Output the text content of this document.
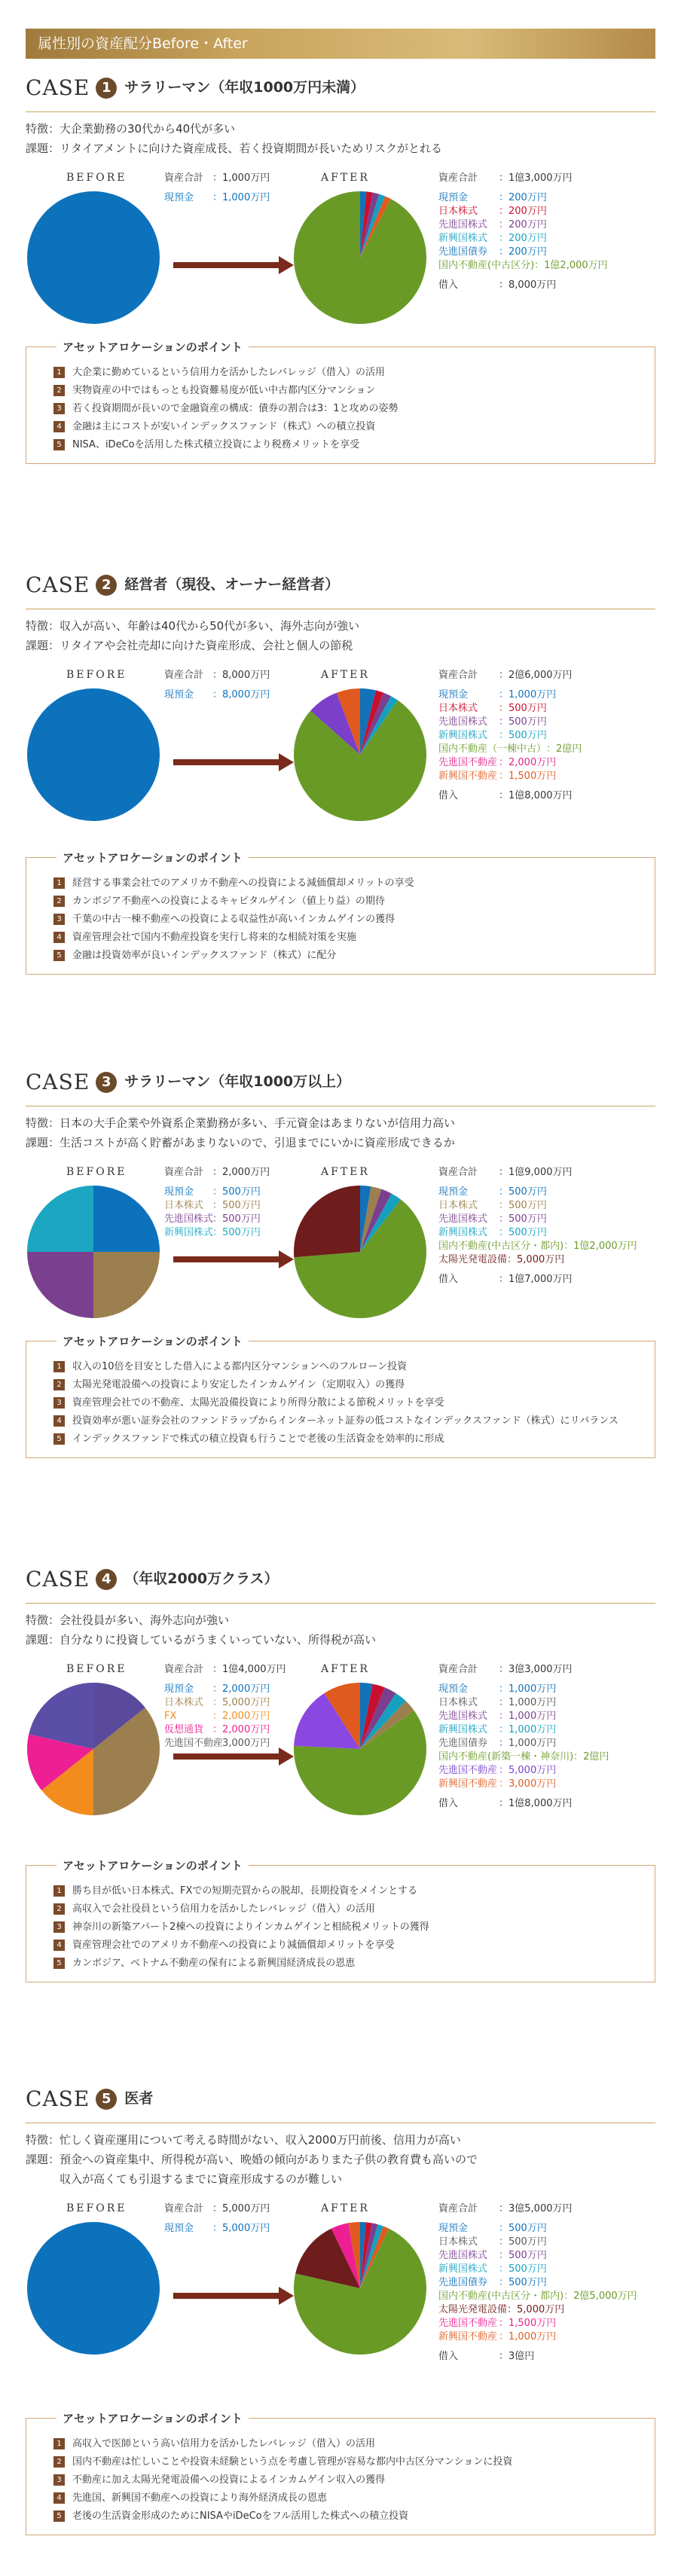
属性別の資産配分Before・After
CASE 1 サラリーマン（年収1000万円未満）
特徴：大企業勤務の30代から40代が多い
課題：リタイアメントに向けた資産成長、若く投資期間が長いためリスクがとれる
BEFORE	AFTER
資産合計 ：1,000万円
現預金	：1,000万円
資産合計	：1億3,000万円
現預金	：200万円
日本株式	：200万円
先進国株式	：200万円
新興国株式	：200万円
先進国債券	：200万円
国内不動産(中古区分) ：1億2,000万円
借入	：8,000万円
アセットアロケーションのポイント
1 大企業に勤めているという信用力を活かしたレバレッジ（借入）の活用
2 実物資産の中ではもっとも投資難易度が低い中古都内区分マンション
3 若く投資期間が長いので金融資産の構成：債券の割合は3：1と攻めの姿勢
4 金融は主にコストが安いインデックスファンド（株式）への積立投資
5 NISA、iDeCoを活用した株式積立投資により税務メリットを享受
CASE 2 経営者（現役、オーナー経営者）
特徴：収入が高い、年齢は40代から50代が多い、海外志向が強い
課題：リタイアや会社売却に向けた資産形成、会社と個人の節税
BEFORE	AFTER
資産合計 ：8,000万円
現預金	：8,000万円
資産合計	：2億6,000万円
現預金	：1,000万円
日本株式	：500万円
先進国株式	：500万円
新興国株式	：500万円
国内不動産（一棟中古） ：2億円
先進国不動産 ：2,000万円
新興国不動産 ：1,500万円
借入	：1億8,000万円
アセットアロケーションのポイント
1 経営する事業会社でのアメリカ不動産への投資による減価償却メリットの享受
2 カンボジア不動産への投資によるキャピタルゲイン（値上り益）の期待
3 千葉の中古一棟不動産への投資による収益性が高いインカムゲインの獲得
4 資産管理会社で国内不動産投資を実行し将来的な相続対策を実施
5 金融は投資効率が良いインデックスファンド（株式）に配分
CASE 3 サラリーマン（年収1000万以上）
特徴：日本の大手企業や外資系企業勤務が多い、手元資金はあまりないが信用力高い
課題：生活コストが高く貯蓄があまりないので、引退までにいかに資産形成できるか
BEFORE	AFTER
資産合計 ：2,000万円
現預金	：500万円
日本株式 ：500万円
先進国株式
：500万円
新興国株式
：500万円
資産合計	：1億9,000万円
現預金	：500万円
日本株式	：500万円
先進国株式	：500万円
新興国株式	：500万円
国内不動産(中古区分・都内) ：1億2,000万円
太陽光発電設備 ：5,000万円
借入	：1億7,000万円
アセットアロケーションのポイント
1 収入の10倍を目安とした借入による都内区分マンションへのフルローン投資
2 太陽光発電設備への投資により安定したインカムゲイン（定期収入）の獲得
3 資産管理会社での不動産、太陽光設備投資により所得分散による節税メリットを享受
4 投資効率が悪い証券会社のファンドラップからインターネット証券の低コストなインデックスファンド（株式）にリバランス
5 インデックスファンドで株式の積立投資も行うことで老後の生活資金を効率的に形成
CASE 4 （年収2000万クラス）
特徴：会社役員が多い、海外志向が強い
課題：自分なりに投資しているがうまくいっていない、所得税が高い
BEFORE	AFTER
資産合計 ：1億4,000万円
現預金	：2,000万円
日本株式 ：5,000万円
FX	：2,000万円
仮想通貨 ：2,000万円
先進国不動産
：3,000万円
資産合計	：3億3,000万円
現預金	：1,000万円
日本株式	：1,000万円
先進国株式	：1,000万円
新興国株式	：1,000万円
先進国債券	：1,000万円
国内不動産(新築一棟・神奈川) ：2億円
先進国不動産 ：5,000万円
新興国不動産 ：3,000万円
借入	：1億8,000万円
アセットアロケーションのポイント
1 勝ち目が低い日本株式、FXでの短期売買からの脱却、長期投資をメインとする
2 高収入で会社役員という信用力を活かしたレバレッジ（借入）の活用
3 神奈川の新築アパート2棟への投資によりインカムゲインと相続税メリットの獲得
4 資産管理会社でのアメリカ不動産への投資により減価償却メリットを享受
5 カンボジア、ベトナム不動産の保有による新興国経済成長の恩恵
CASE 5 医者
特徴：忙しく資産運用について考える時間がない、収入2000万円前後、信用力が高い
課題：預金への資産集中、所得税が高い、晩婚の傾向がありまた子供の教育費も高いので
　　　収入が高くても引退するまでに資産形成するのが難しい
BEFORE	AFTER
資産合計 ：5,000万円
現預金	：5,000万円
資産合計	：3億5,000万円
現預金	：500万円
日本株式	：500万円
先進国株式	：500万円
新興国株式	：500万円
先進国債券	：500万円
国内不動産(中古区分・都内) ：2億5,000万円
太陽光発電設備 ：5,000万円
先進国不動産 ：1,500万円
新興国不動産 ：1,000万円
借入	：3億円
アセットアロケーションのポイント
1 高収入で医師という高い信用力を活かしたレバレッジ（借入）の活用
2 国内不動産は忙しいことや投資未経験という点を考慮し管理が容易な都内中古区分マンションに投資
3 不動産に加え太陽光発電設備への投資によるインカムゲイン収入の獲得
4 先進国、新興国不動産への投資により海外経済成長の恩恵
5 老後の生活資金形成のためにNISAやiDeCoをフル活用した株式への積立投資
